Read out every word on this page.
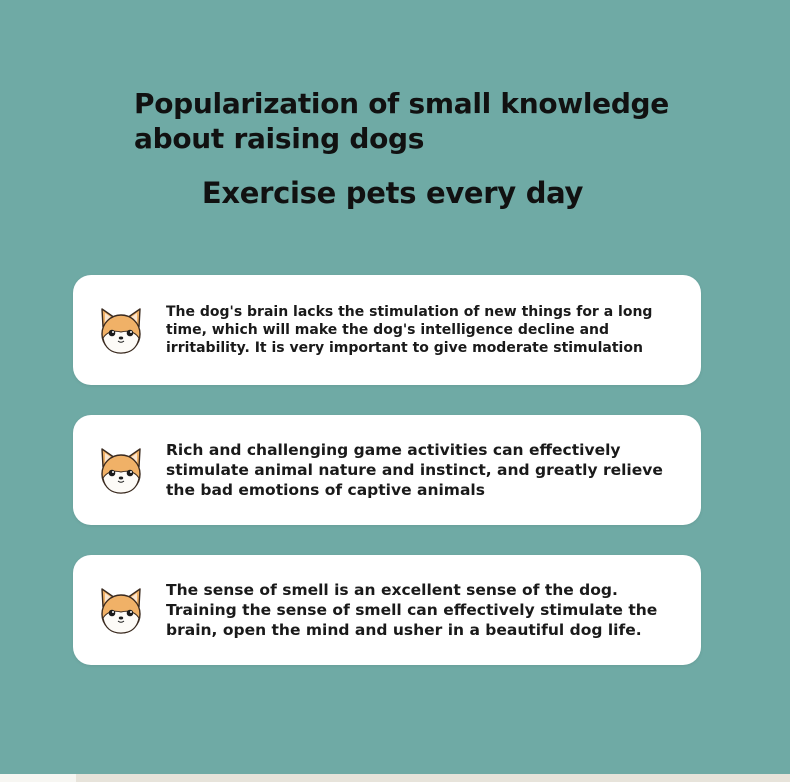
Popularization of small knowledge about raising dogs
Exercise pets every day

The dog's brain lacks the stimulation of new things for a long time, which will make the dog's intelligence decline and irritability. It is very important to give moderate stimulation

Rich and challenging game activities can effectively stimulate animal nature and instinct, and greatly relieve the bad emotions of captive animals

The sense of smell is an excellent sense of the dog. Training the sense of smell can effectively stimulate the brain, open the mind and usher in a beautiful dog life.
